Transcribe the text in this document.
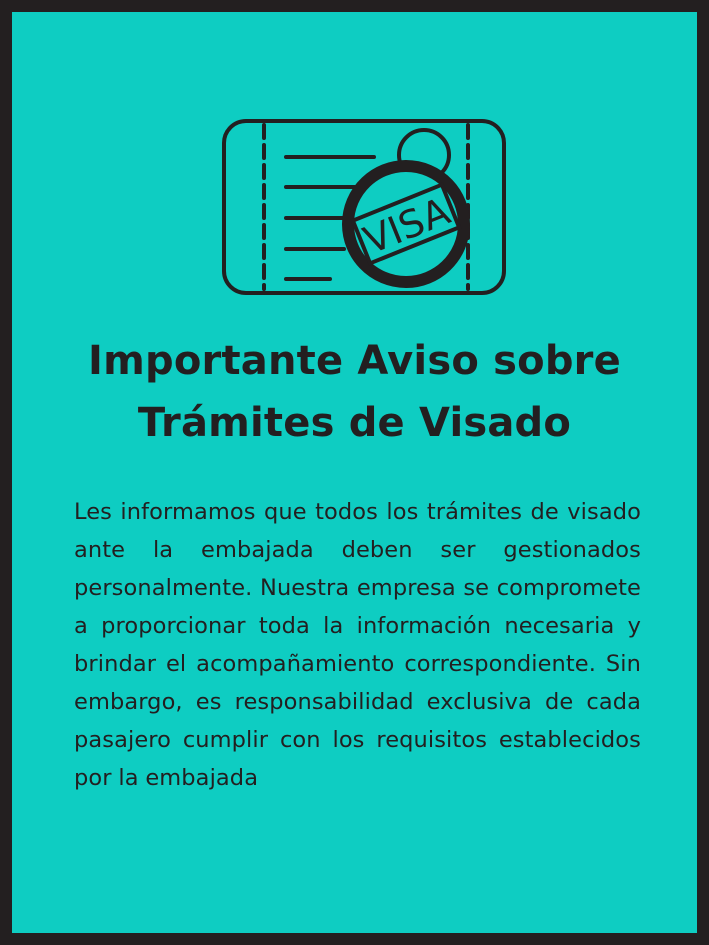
VISA
Importante Aviso sobre
Trámites de Visado
Les informamos que todos los trámites de visado ante la embajada deben ser gestionados personalmente. Nuestra empresa se compromete a proporcionar toda la información necesaria y brindar el acompañamiento correspondiente. Sin embargo, es responsabilidad exclusiva de cada pasajero cumplir con los requisitos establecidos por la embajada
